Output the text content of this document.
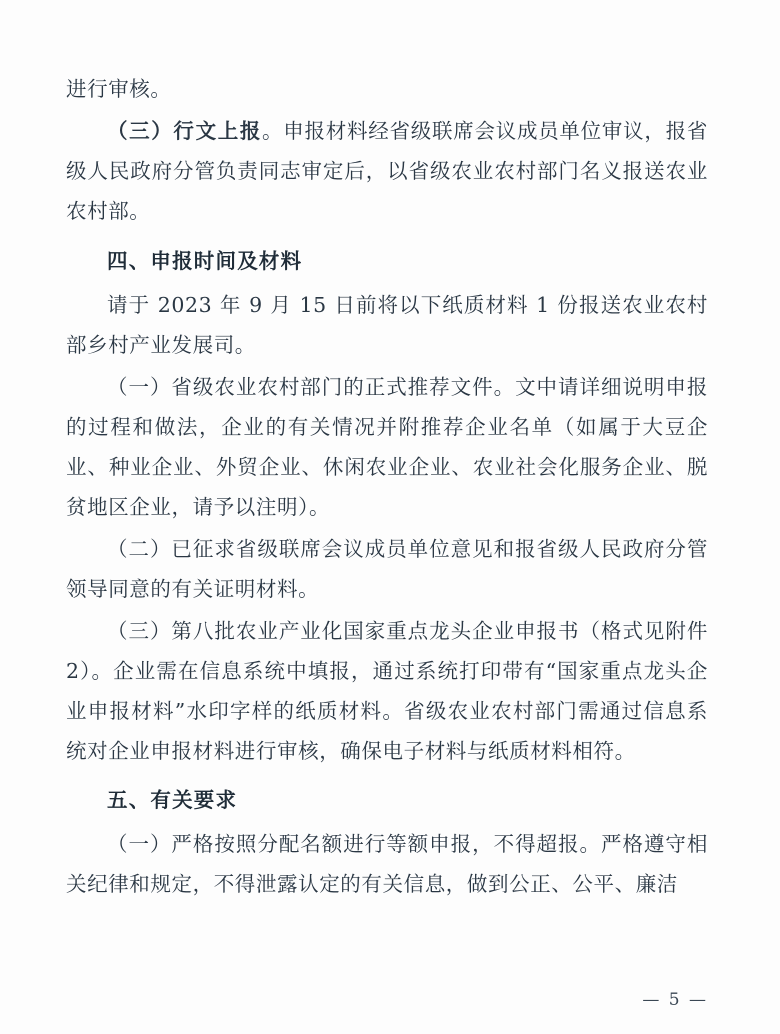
进行审核。

（三）行文上报。申报材料经省级联席会议成员单位审议，报省级人民政府分管负责同志审定后，以省级农业农村部门名义报送农业农村部。

四、申报时间及材料

请于 2023 年 9 月 15 日前将以下纸质材料 1 份报送农业农村部乡村产业发展司。

（一）省级农业农村部门的正式推荐文件。文中请详细说明申报的过程和做法，企业的有关情况并附推荐企业名单（如属于大豆企业、种业企业、外贸企业、休闲农业企业、农业社会化服务企业、脱贫地区企业，请予以注明）。

（二）已征求省级联席会议成员单位意见和报省级人民政府分管领导同意的有关证明材料。

（三）第八批农业产业化国家重点龙头企业申报书（格式见附件 2）。企业需在信息系统中填报，通过系统打印带有“国家重点龙头企业申报材料”水印字样的纸质材料。省级农业农村部门需通过信息系统对企业申报材料进行审核，确保电子材料与纸质材料相符。

五、有关要求

（一）严格按照分配名额进行等额申报，不得超报。严格遵守相关纪律和规定，不得泄露认定的有关信息，做到公正、公平、廉洁

— 5 —
